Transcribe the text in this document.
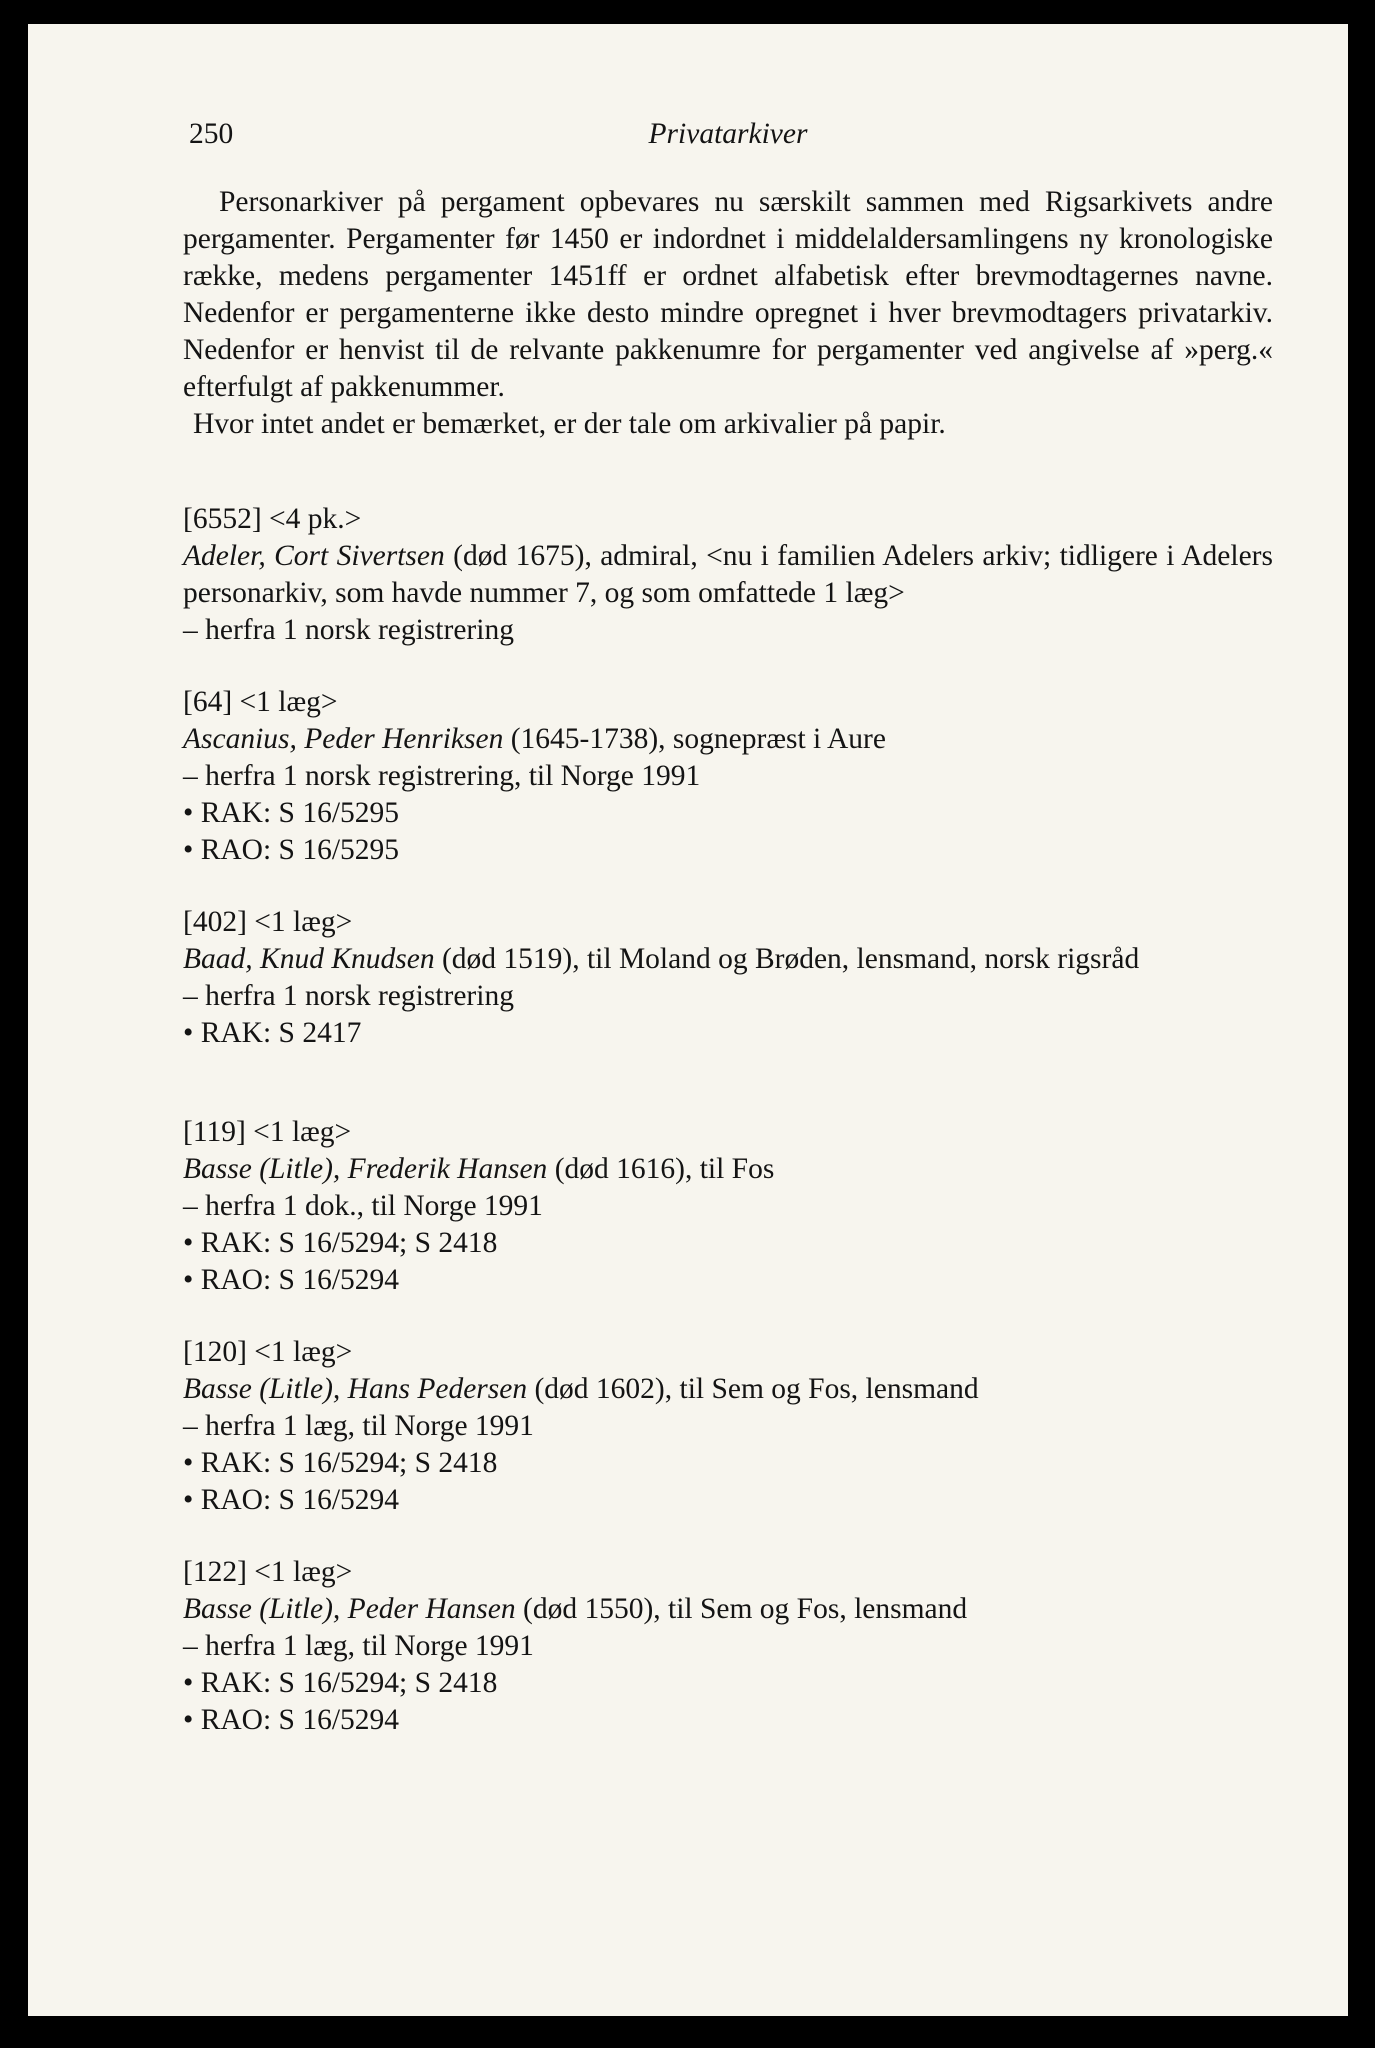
250	Privatarkiver

Personarkiver på pergament opbevares nu særskilt sammen med Rigsarkivets andre pergamenter. Pergamenter før 1450 er indordnet i middelaldersamlingens ny kronologiske række, medens pergamenter 1451ff er ordnet alfabetisk efter brevmodtagernes navne. Nedenfor er pergamenterne ikke desto mindre opregnet i hver brevmodtagers privatarkiv. Nedenfor er henvist til de relvante pakkenumre for pergamenter ved angivelse af »perg.« efterfulgt af pakkenummer.

Hvor intet andet er bemærket, er der tale om arkivalier på papir.

[6552] <4 pk.>
Adeler, Cort Sivertsen (død 1675), admiral, <nu i familien Adelers arkiv; tidligere i Adelers personarkiv, som havde nummer 7, og som omfattede 1 læg>
– herfra 1 norsk registrering
[64] <1 læg>
Ascanius, Peder Henriksen (1645-1738), sognepræst i Aure
– herfra 1 norsk registrering, til Norge 1991
• RAK: S 16/5295
• RAO: S 16/5295
[402] <1 læg>
Baad, Knud Knudsen (død 1519), til Moland og Brøden, lensmand, norsk rigsråd
– herfra 1 norsk registrering
• RAK: S 2417
[119] <1 læg>
Basse (Litle), Frederik Hansen (død 1616), til Fos
– herfra 1 dok., til Norge 1991
• RAK: S 16/5294; S 2418
• RAO: S 16/5294
[120] <1 læg>
Basse (Litle), Hans Pedersen (død 1602), til Sem og Fos, lensmand
– herfra 1 læg, til Norge 1991
• RAK: S 16/5294; S 2418
• RAO: S 16/5294
[122] <1 læg>
Basse (Litle), Peder Hansen (død 1550), til Sem og Fos, lensmand
– herfra 1 læg, til Norge 1991
• RAK: S 16/5294; S 2418
• RAO: S 16/5294
